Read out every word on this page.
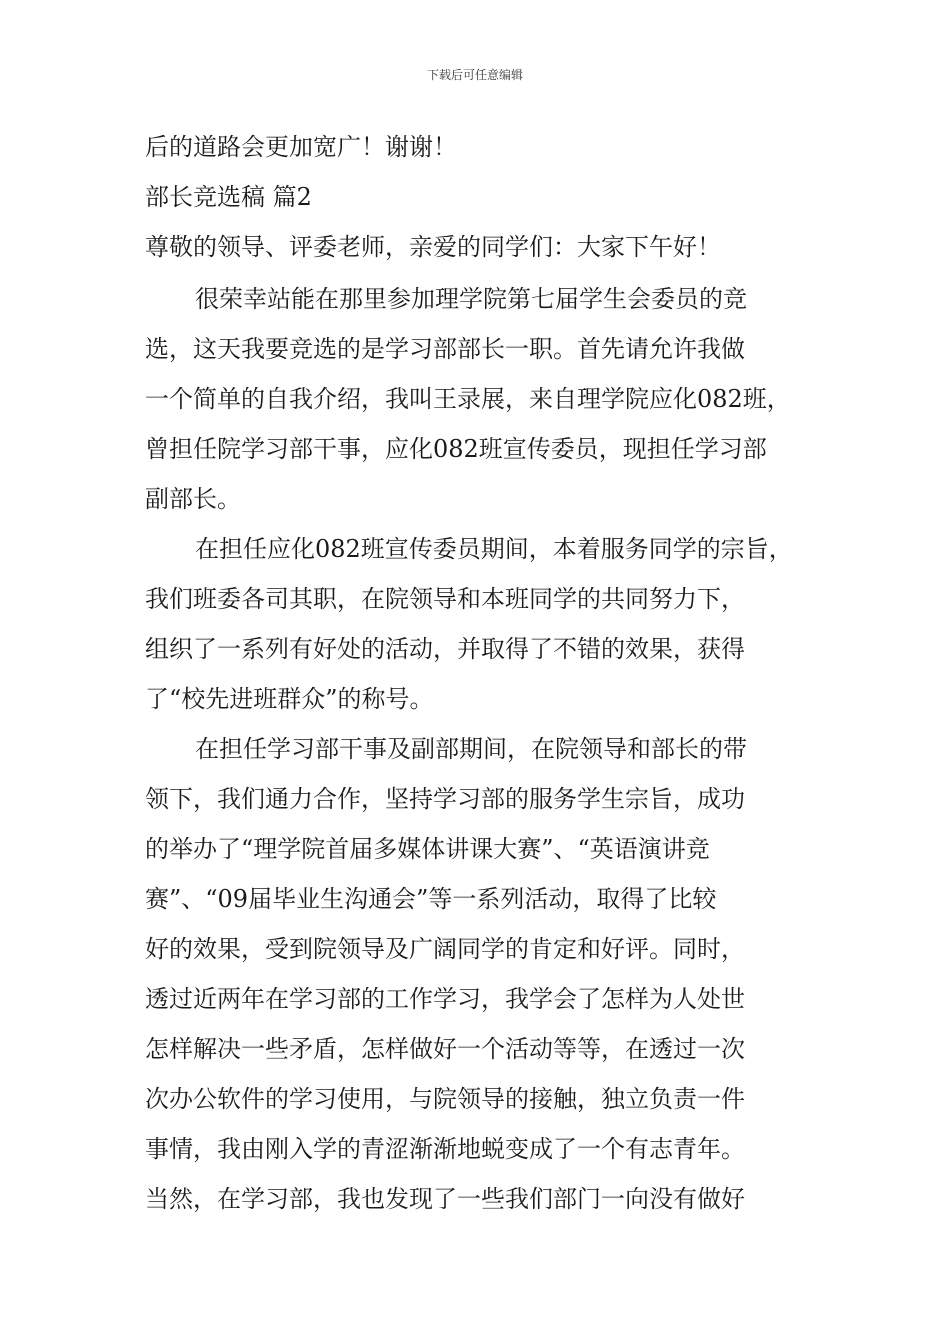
下载后可任意编辑
后的道路会更加宽广！谢谢！
部长竞选稿 篇2
尊敬的领导、评委老师，亲爱的同学们：大家下午好！
很荣幸站能在那里参加理学院第七届学生会委员的竞
选，这天我要竞选的是学习部部长一职。首先请允许我做
一个简单的自我介绍，我叫王录展，来自理学院应化082班，
曾担任院学习部干事，应化082班宣传委员，现担任学习部
副部长。
在担任应化082班宣传委员期间，本着服务同学的宗旨，
我们班委各司其职，在院领导和本班同学的共同努力下，
组织了一系列有好处的活动，并取得了不错的效果，获得
了“校先进班群众”的称号。
在担任学习部干事及副部期间，在院领导和部长的带
领下，我们通力合作，坚持学习部的服务学生宗旨，成功
的举办了“理学院首届多媒体讲课大赛”、“英语演讲竞
赛”、“09届毕业生沟通会”等一系列活动，取得了比较
好的效果，受到院领导及广阔同学的肯定和好评。同时，
透过近两年在学习部的工作学习，我学会了怎样为人处世
怎样解决一些矛盾，怎样做好一个活动等等，在透过一次
次办公软件的学习使用，与院领导的接触，独立负责一件
事情，我由刚入学的青涩渐渐地蜕变成了一个有志青年。
当然，在学习部，我也发现了一些我们部门一向没有做好
